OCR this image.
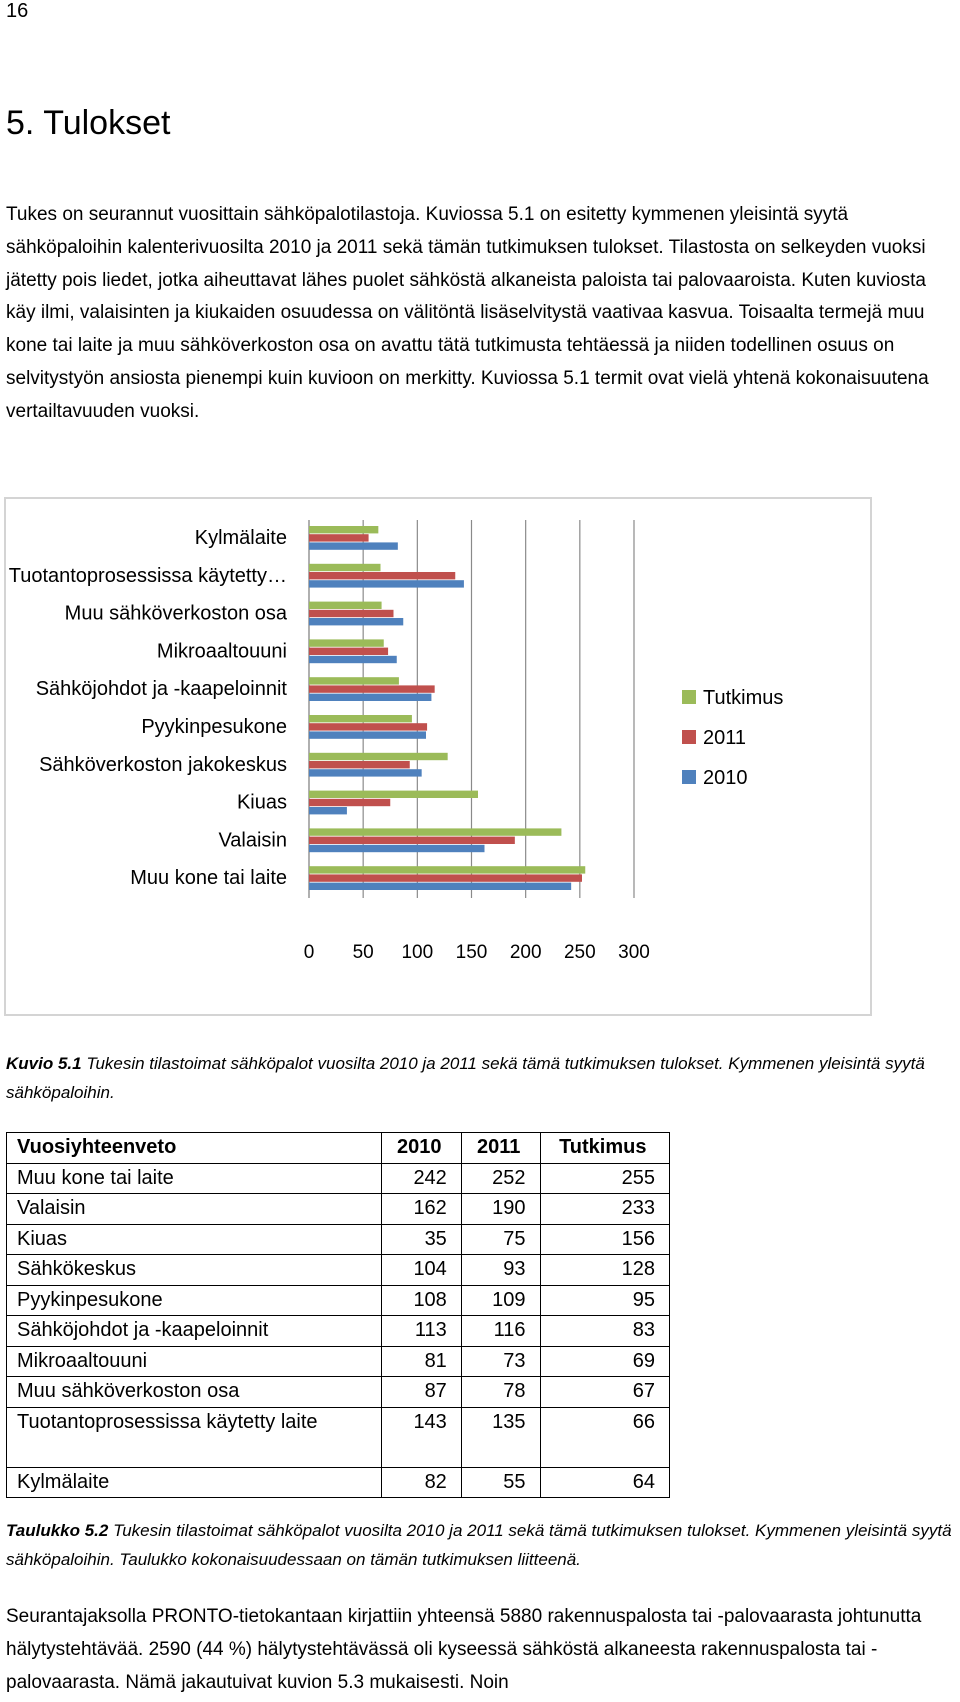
16
5. Tulokset

Tukes on seurannut vuosittain sähköpalotilastoja. Kuviossa 5.1 on esitetty kymmenen yleisintä syytä sähköpaloihin kalenterivuosilta 2010 ja 2011 sekä tämän tutkimuksen tulokset. Tilastosta on selkeyden vuoksi jätetty pois liedet, jotka aiheuttavat lähes puolet sähköstä alkaneista paloista tai palovaaroista. Kuten kuviosta käy ilmi, valaisinten ja kiukaiden osuudessa on välitöntä lisäselvitystä vaativaa kasvua. Toisaalta termejä muu kone tai laite ja muu sähköverkoston osa on avattu tätä tutkimusta tehtäessä ja niiden todellinen osuus on selvitystyön ansiosta pienempi kuin kuvioon on merkitty. Kuviossa 5.1 termit ovat vielä yhtenä kokonaisuutena vertailtavuuden vuoksi.

0 50 100 150 200 250 300
Kylmälaite
Tuotantoprosessissa käytetty…
Muu sähköverkoston osa
Mikroaaltouuni
Sähköjohdot ja -kaapeloinnit
Pyykinpesukone
Sähköverkoston jakokeskus
Kiuas
Valaisin
Muu kone tai laite
Tutkimus
2011
2010

Kuvio 5.1 Tukesin tilastoimat sähköpalot vuosilta 2010 ja 2011 sekä tämä tutkimuksen tulokset. Kymmenen yleisintä syytä sähköpaloihin.

Vuosiyhteenveto	2010	2011	Tutkimus
Muu kone tai laite	242	252	255
Valaisin	162	190	233
Kiuas	35	75	156
Sähkökeskus	104	93	128
Pyykinpesukone	108	109	95
Sähköjohdot ja -kaapeloinnit	113	116	83
Mikroaaltouuni	81	73	69
Muu sähköverkoston osa	87	78	67
Tuotantoprosessissa käytetty laite	143	135	66
Kylmälaite	82	55	64

Taulukko 5.2 Tukesin tilastoimat sähköpalot vuosilta 2010 ja 2011 sekä tämä tutkimuksen tulokset. Kymmenen yleisintä syytä sähköpaloihin. Taulukko kokonaisuudessaan on tämän tutkimuksen liitteenä.

Seurantajaksolla PRONTO-tietokantaan kirjattiin yhteensä 5880 rakennuspalosta tai -palovaarasta johtunutta hälytystehtävää. 2590 (44 %) hälytystehtävässä oli kyseessä sähköstä alkaneesta rakennuspalosta tai -palovaarasta. Nämä jakautuivat kuvion 5.3 mukaisesti. Noin
